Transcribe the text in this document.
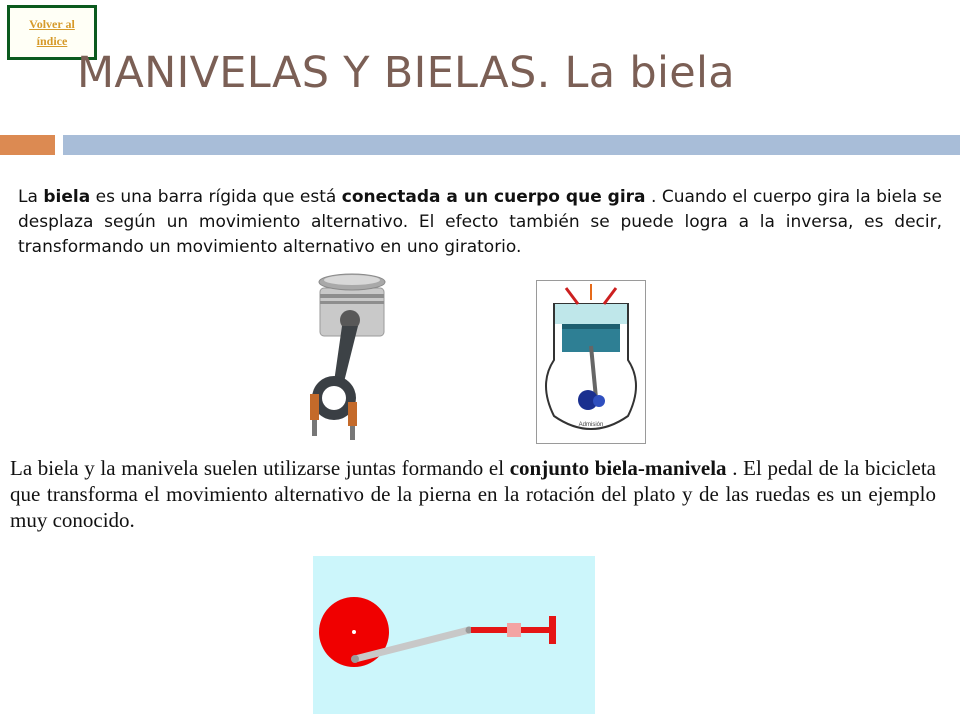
Volver al índice
MANIVELAS Y BIELAS. La biela

La biela es una barra rígida que está conectada a un cuerpo que gira . Cuando el cuerpo gira la biela se desplaza según un movimiento alternativo. El efecto también se puede logra a la inversa, es decir, transformando un movimiento alternativo en uno giratorio.

Admisión

La biela y la manivela suelen utilizarse juntas formando el conjunto biela-manivela . El pedal de la bicicleta que transforma el movimiento alternativo de la pierna en la rotación del plato y de las ruedas es un ejemplo muy conocido.
